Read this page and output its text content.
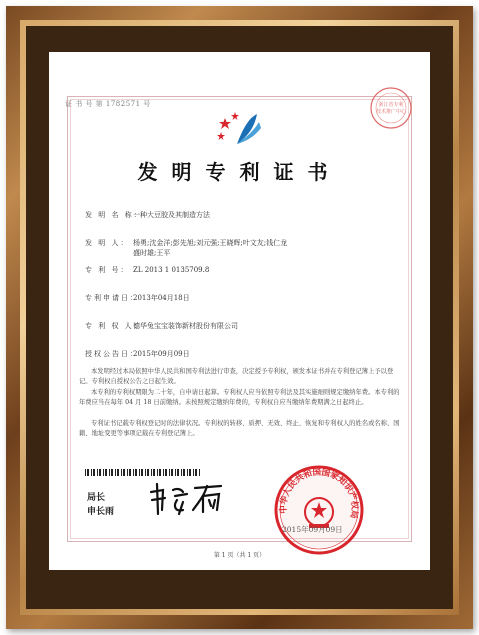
证 书 号 第 1782571 号	浙江省专利
技术推广中心
发明专利证书
发 明 名 称：一种大豆胶及其制造方法
发 明 人： 杨勇;沈金洋;彭先旭;刘元强;王晓辉;叶文友;钱仁龙
盛时雄;王平
专 利 号： ZL 2013 1 0135709.8
专利申请日：2013年04月18日
专 利 权 人：德华兔宝宝装饰新材股份有限公司
授权公告日：2015年09月09日
本发明经过本局依照中华人民共和国专利法进行审查，决定授予专利权，颁发本证书并在专利登记簿上予以登记。专利权自授权公告之日起生效。
本专利的专利权期限为二十年，自申请日起算。专利权人应当依照专利法及其实施细则规定缴纳年费。本专利的年费应当在每年 04 月 18 日前缴纳。未按照规定缴纳年费的，专利权自应当缴纳年费期满之日起终止。
专利证书记载专利权登记时的法律状况。专利权的转移、质押、无效、终止、恢复和专利权人的姓名或名称、国籍、地址变更等事项记载在专利登记簿上。
局长
申长雨	中华人民共和国国家知识产权局
2015年09月09日
第 1 页（共 1 页）
